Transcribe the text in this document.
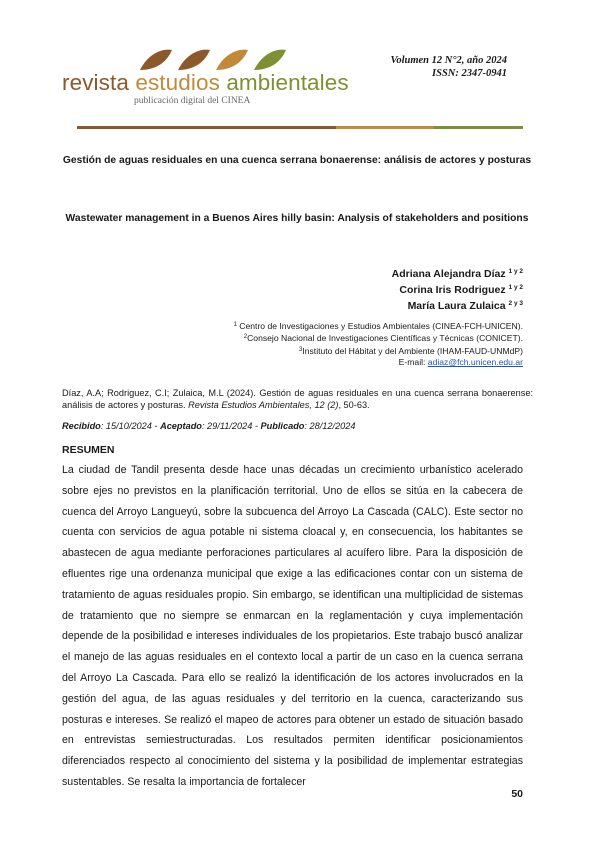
revista estudios ambientales
publicación digital del CINEA
Volumen 12 N°2, año 2024
ISSN: 2347-0941
Gestión de aguas residuales en una cuenca serrana bonaerense: análisis de actores y posturas
Wastewater management in a Buenos Aires hilly basin: Analysis of stakeholders and positions
Adriana Alejandra Díaz $^{1 y 2}$
Corina Iris Rodriguez $^{1 y 2}$
María Laura Zulaica $^{2 y 3}$
$^1$ Centro de Investigaciones y Estudios Ambientales (CINEA-FCH-UNICEN).
$^2$Consejo Nacional de Investigaciones Científicas y Técnicas (CONICET).
$^3$Instituto del Hábitat y del Ambiente (IHAM-FAUD-UNMdP)
E-mail: adiaz@fch.unicen.edu.ar
Díaz, A.A; Rodriguez, C.I; Zulaica, M.L (2024). Gestión de aguas residuales en una cuenca serrana bonaerense: análisis de actores y posturas. Revista Estudios Ambientales, 12 (2), 50-63.
Recibido: 15/10/2024 - Aceptado: 29/11/2024 - Publicado: 28/12/2024
RESUMEN

La ciudad de Tandil presenta desde hace unas décadas un crecimiento urbanístico acelerado sobre ejes no previstos en la planificación territorial. Uno de ellos se sitúa en la cabecera de cuenca del Arroyo Langueyú, sobre la subcuenca del Arroyo La Cascada (CALC). Este sector no cuenta con servicios de agua potable ni sistema cloacal y, en consecuencia, los habitantes se abastecen de agua mediante perforaciones particulares al acuífero libre. Para la disposición de efluentes rige una ordenanza municipal que exige a las edificaciones contar con un sistema de tratamiento de aguas residuales propio. Sin embargo, se identifican una multiplicidad de sistemas de tratamiento que no siempre se enmarcan en la reglamentación y cuya implementación depende de la posibilidad e intereses individuales de los propietarios. Este trabajo buscó analizar el manejo de las aguas residuales en el contexto local a partir de un caso en la cuenca serrana del Arroyo La Cascada. Para ello se realizó la identificación de los actores involucrados en la gestión del agua, de las aguas residuales y del territorio en la cuenca, caracterizando sus posturas e intereses. Se realizó el mapeo de actores para obtener un estado de situación basado en entrevistas semiestructuradas. Los resultados permiten identificar posicionamientos diferenciados respecto al conocimiento del sistema y la posibilidad de implementar estrategias sustentables. Se resalta la importancia de fortalecer

50
